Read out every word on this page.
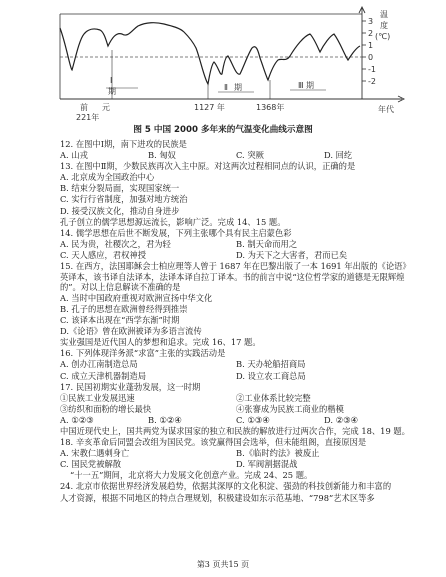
3
2
1
0
-1
-2
温
度
(℃)
Ⅰ
期	Ⅱ 期	Ⅲ 期
前 元
221年
1127 年	1368年	年代
图 5 中国 2000 多年来的气温变化曲线示意图
12. 在图中Ⅰ期，南下进攻的民族是
A. 山戎	B. 匈奴	C. 突厥	D. 回纥
13. 在图中Ⅱ期，少数民族再次入主中原。对这两次过程相同点的认识，正确的是
A. 北京成为全国政治中心
B. 结束分裂局面，实现国家统一
C. 实行行省制度，加强对地方统治
D. 接受汉族文化，推动自身进步
孔子创立的儒学思想源远流长，影响广泛。完成 14、15 题。
14. 儒学思想在后世不断发展，下列主张哪个具有民主启蒙色彩
A. 民为贵，社稷次之，君为轻	B. 制天命而用之
C. 天人感应，君权神授	D. 为天下之大害者，君而已矣
15. 在西方，法国耶稣会士柏应理等人曾于 1687 年在巴黎出版了一本 1691 年出版的《论语》英译本，该书译自法译本，法译本译自拉丁译本。书的前言中说“这位哲学家的道德是无限辉煌的”。对以上信息解读不准确的是
A. 当时中国政府重视对欧洲宣扬中华文化
B. 孔子的思想在欧洲曾经得到推崇
C. 该译本出现在“西学东渐”时期
D.《论语》曾在欧洲被译为多语言流传
实业强国是近代国人的梦想和追求。完成 16、17 题。
16. 下列体现洋务派“求富”主张的实践活动是
A. 创办江南制造总局	B. 天办轮船招商局
C. 成立天津机器制造局	D. 设立农工商总局
17. 民国初期实业蓬勃发展，这一时期
①民族工业发展迅速	②工业体系比较完整
③纺织和面粉的增长最快	④张謇成为民族工商业的楷模
A. ①②③	B. ①②④	C. ①③④	D. ②③④
中国近现代史上，国共两党为谋求国家的独立和民族的解放进行过两次合作，完成 18、19 题。
18. 辛亥革命后同盟会改组为国民党。该党赢得国会选举，但未能组阁，直接原因是
A. 宋教仁遇刺身亡	B.《临时约法》被废止
C. 国民党被解散	D. 军阀割据混战
“十一五”期间，北京将大力发展文化创意产业。完成 24、25 题。
24. 北京市依据世界经济发展趋势，依据其深厚的文化积淀、强劲的科技创新能力和丰富的
人才资源，根据不同地区的特点合理规划，积极建设如东示范基地、“798”艺术区等多
第3 页共15 页
